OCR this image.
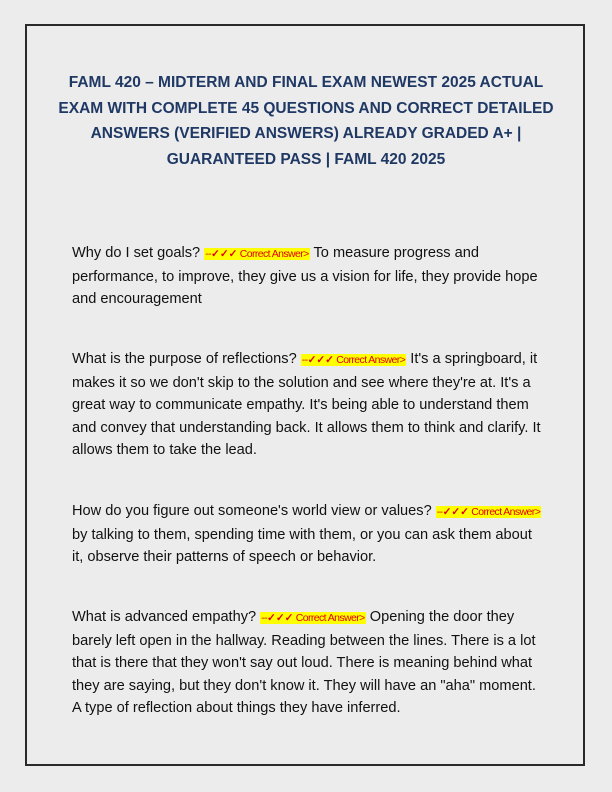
FAML 420 – MIDTERM AND FINAL EXAM NEWEST 2025 ACTUAL EXAM WITH COMPLETE 45 QUESTIONS AND CORRECT DETAILED ANSWERS (VERIFIED ANSWERS) ALREADY GRADED A+ | GUARANTEED PASS | FAML 420 2025

Why do I set goals? --✓✓✓ Correct Answer> To measure progress and performance, to improve, they give us a vision for life, they provide hope and encouragement

What is the purpose of reflections? --✓✓✓ Correct Answer> It's a springboard, it makes it so we don't skip to the solution and see where they're at. It's a great way to communicate empathy. It's being able to understand them and convey that understanding back. It allows them to think and clarify. It allows them to take the lead.

How do you figure out someone's world view or values? --✓✓✓ Correct Answer> by talking to them, spending time with them, or you can ask them about it, observe their patterns of speech or behavior.

What is advanced empathy? --✓✓✓ Correct Answer> Opening the door they barely left open in the hallway. Reading between the lines. There is a lot that is there that they won't say out loud. There is meaning behind what they are saying, but they don't know it. They will have an "aha" moment. A type of reflection about things they have inferred.
